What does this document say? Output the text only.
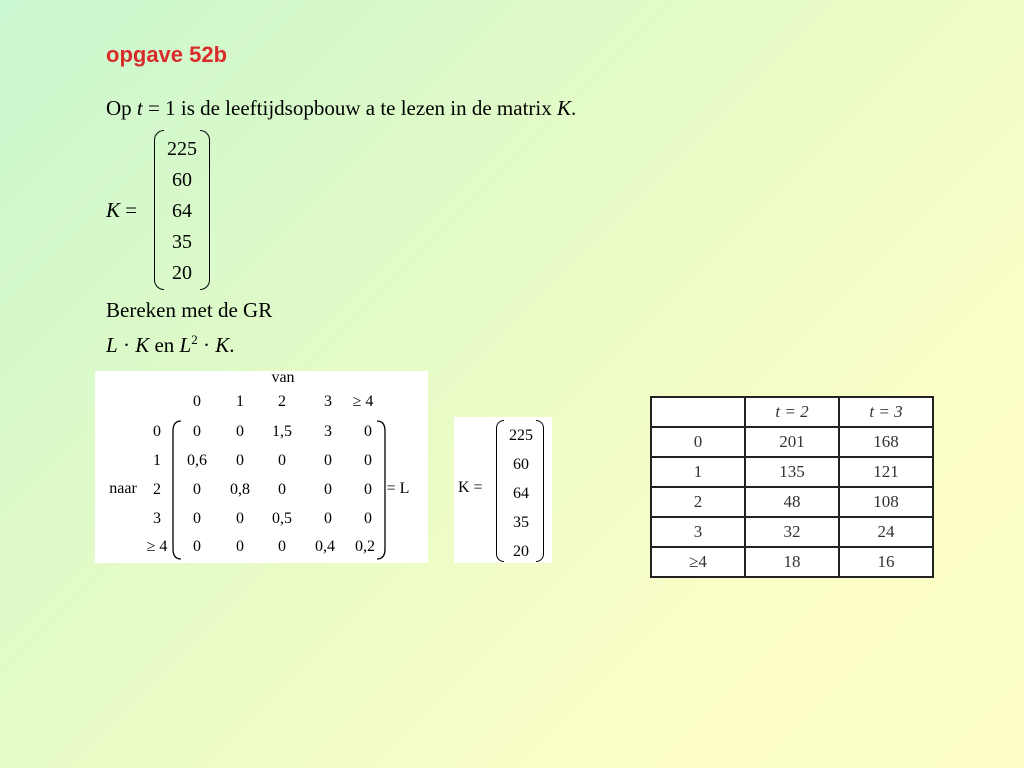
opgave 52b
Op t = 1 is de leeftijdsopbouw a te lezen in de matrix K.
K =
225
60
64
35
20
Bereken met de GR
L · K en $L^2 \cdot K$.
van
naar	= L
0	1	2	3	≥ 4
0
1
2
3
≥ 4
0	0	1,5	3	0
0,6	0	0	0	0
0	0,8	0	0	0
0	0	0,5	0	0
0	0	0	0,4	0,2
K =
225
60
64
35
20
	t = 2	t = 3
0	201	168
1	135	121
2	48	108
3	32	24
≥4	18	16
